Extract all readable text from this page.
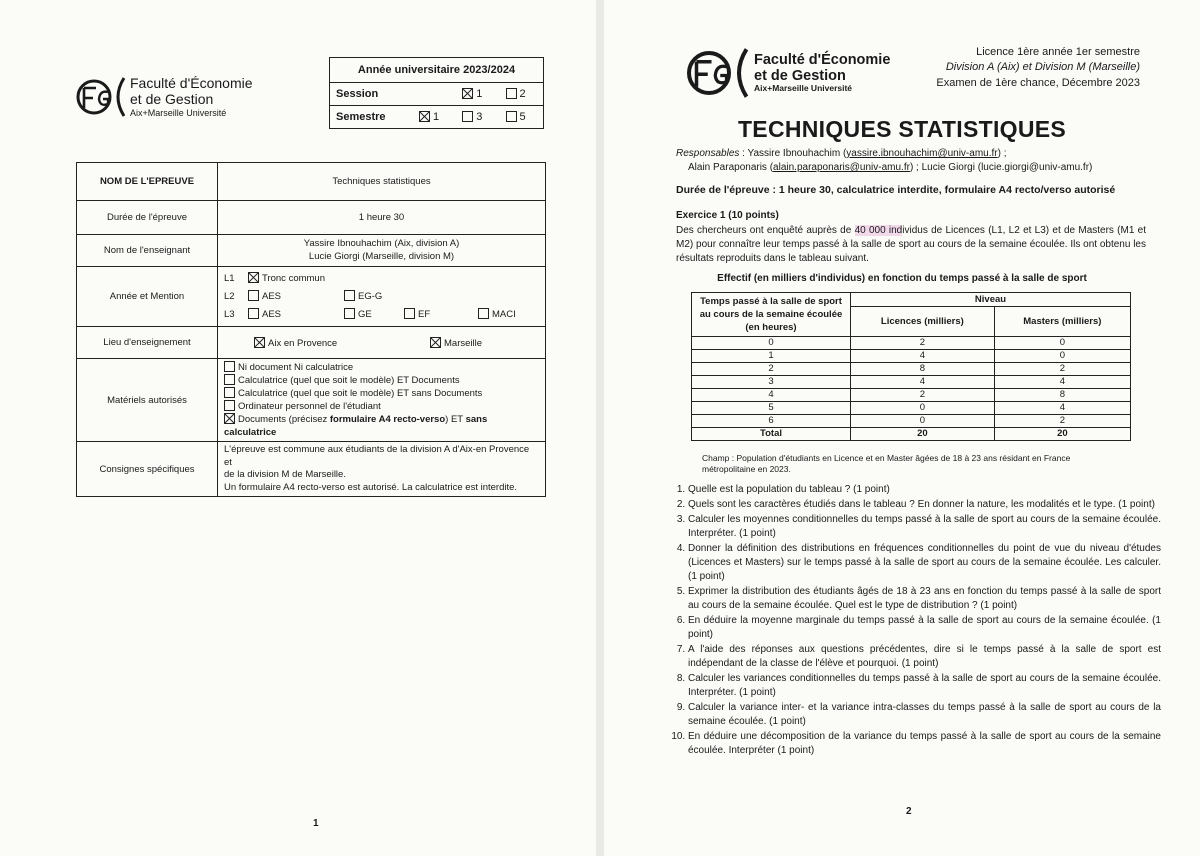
Faculté d'Économie
et de Gestion
Aix+Marseille Université
Année universitaire 2023/2024			
Session		1	2
Semestre	1	3	5
NOM DE L'EPREUVE	Techniques statistiques
Durée de l'épreuve	1 heure 30
Nom de l'enseignant	Yassire Ibnouhachim (Aix, division A)
Lucie Giorgi (Marseille, division M)

Année et Mention	L1 Tronc commun
L2 AES EG-G
L3 AES GE EF MACI

Lieu d'enseignement	Aix en Provence Marseille
Matériels autorisés	Ni document Ni calculatrice
Calculatrice (quel que soit le modèle) ET Documents
Calculatrice (quel que soit le modèle) ET sans Documents
Ordinateur personnel de l'étudiant
Documents (précisez formulaire A4 recto-verso) ET sans calculatrice

Consignes spécifiques	L'épreuve est commune aux étudiants de la division A d'Aix-en Provence et
de la division M de Marseille.
Un formulaire A4 recto-verso est autorisé. La calculatrice est interdite.
1
Faculté d'Économie
et de Gestion
Aix+Marseille Université
Licence 1ère année 1er semestre
Division A (Aix) et Division M (Marseille)
Examen de 1ère chance, Décembre 2023
TECHNIQUES STATISTIQUES
Responsables : Yassire Ibnouhachim (yassire.ibnouhachim@univ-amu.fr) ;
Alain Paraponaris (alain.paraponaris@univ-amu.fr) ; Lucie Giorgi (lucie.giorgi@univ-amu.fr)
Durée de l'épreuve : 1 heure 30, calculatrice interdite, formulaire A4 recto/verso autorisé
Exercice 1 (10 points)
Des chercheurs ont enquêté auprès de 40 000 individus de Licences (L1, L2 et L3) et de Masters (M1 et M2) pour connaître leur temps passé à la salle de sport au cours de la semaine écoulée. Ils ont obtenu les résultats reproduits dans le tableau suivant.
Effectif (en milliers d'individus) en fonction du temps passé à la salle de sport
Temps passé à la salle de sport au cours de la semaine écoulée (en heures)	Niveau	
	Licences (milliers)	Masters (milliers)
0	2	0
1	4	0
2	8	2
3	4	4
4	2	8
5	0	4
6	0	2
Total	20	20
Champ : Population d'étudiants en Licence et en Master âgées de 18 à 23 ans résidant en France métropolitaine en 2023.
1. Quelle est la population du tableau ? (1 point)
2. Quels sont les caractères étudiés dans le tableau ? En donner la nature, les modalités et le type. (1 point)
3. Calculer les moyennes conditionnelles du temps passé à la salle de sport au cours de la semaine écoulée. Interpréter. (1 point)
4. Donner la définition des distributions en fréquences conditionnelles du point de vue du niveau d'études (Licences et Masters) sur le temps passé à la salle de sport au cours de la semaine écoulée. Les calculer. (1 point)
5. Exprimer la distribution des étudiants âgés de 18 à 23 ans en fonction du temps passé à la salle de sport au cours de la semaine écoulée. Quel est le type de distribution ? (1 point)
6. En déduire la moyenne marginale du temps passé à la salle de sport au cours de la semaine écoulée. (1 point)
7. A l'aide des réponses aux questions précédentes, dire si le temps passé à la salle de sport est indépendant de la classe de l'élève et pourquoi. (1 point)
8. Calculer les variances conditionnelles du temps passé à la salle de sport au cours de la semaine écoulée. Interpréter. (1 point)
9. Calculer la variance inter- et la variance intra-classes du temps passé à la salle de sport au cours de la semaine écoulée. (1 point)
10. En déduire une décomposition de la variance du temps passé à la salle de sport au cours de la semaine écoulée. Interpréter (1 point)
2
